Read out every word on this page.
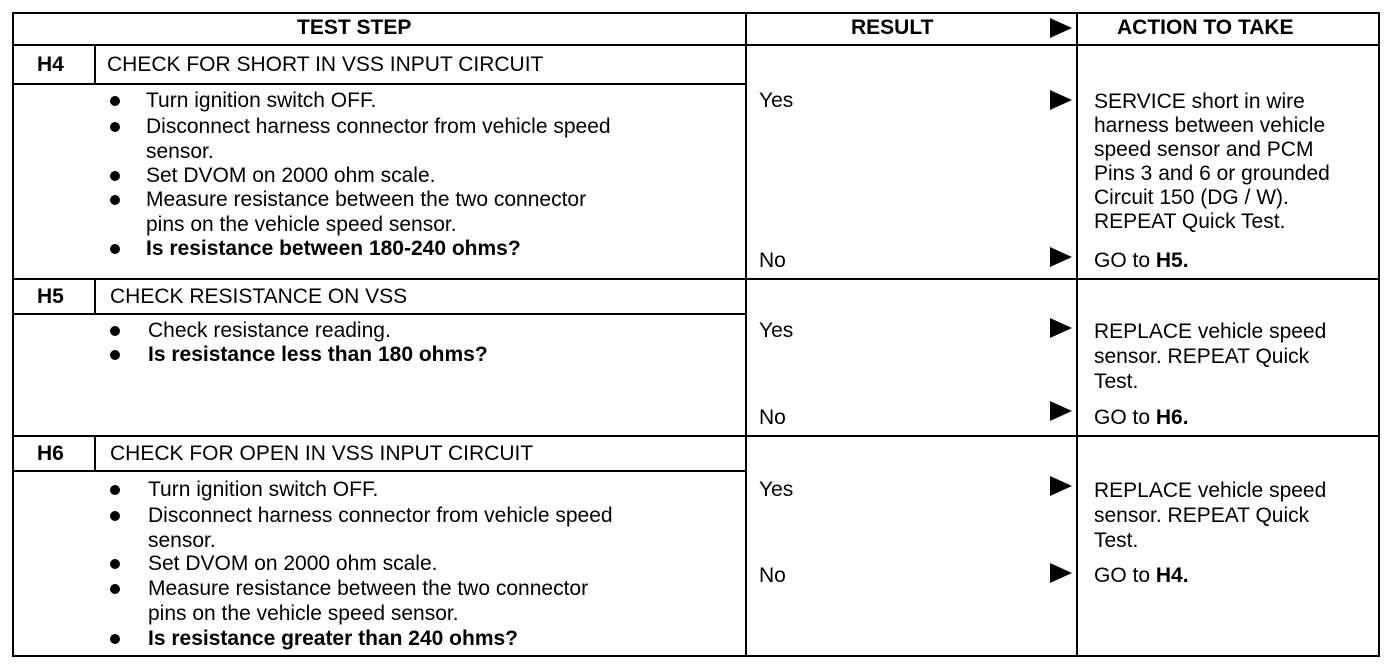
TEST STEP	RESULT	ACTION TO TAKE
H4 CHECK FOR SHORT IN VSS INPUT CIRCUIT
Turn ignition switch OFF.
Disconnect harness connector from vehicle speed
sensor.
Set DVOM on 2000 ohm scale.
Measure resistance between the two connector
pins on the vehicle speed sensor.
Is resistance between 180-240 ohms?
Yes	SERVICE short in wire
harness between vehicle
speed sensor and PCM
Pins 3 and 6 or grounded
Circuit 150 (DG / W).
REPEAT Quick Test.
No	GO to H5.
H5 CHECK RESISTANCE ON VSS
Check resistance reading.
Is resistance less than 180 ohms?
Yes	REPLACE vehicle speed
sensor. REPEAT Quick
Test.
No	GO to H6.
H6 CHECK FOR OPEN IN VSS INPUT CIRCUIT
Turn ignition switch OFF.
Disconnect harness connector from vehicle speed
sensor.
Set DVOM on 2000 ohm scale.
Measure resistance between the two connector
pins on the vehicle speed sensor.
Is resistance greater than 240 ohms?
Yes	REPLACE vehicle speed
sensor. REPEAT Quick
Test.
No	GO to H4.
